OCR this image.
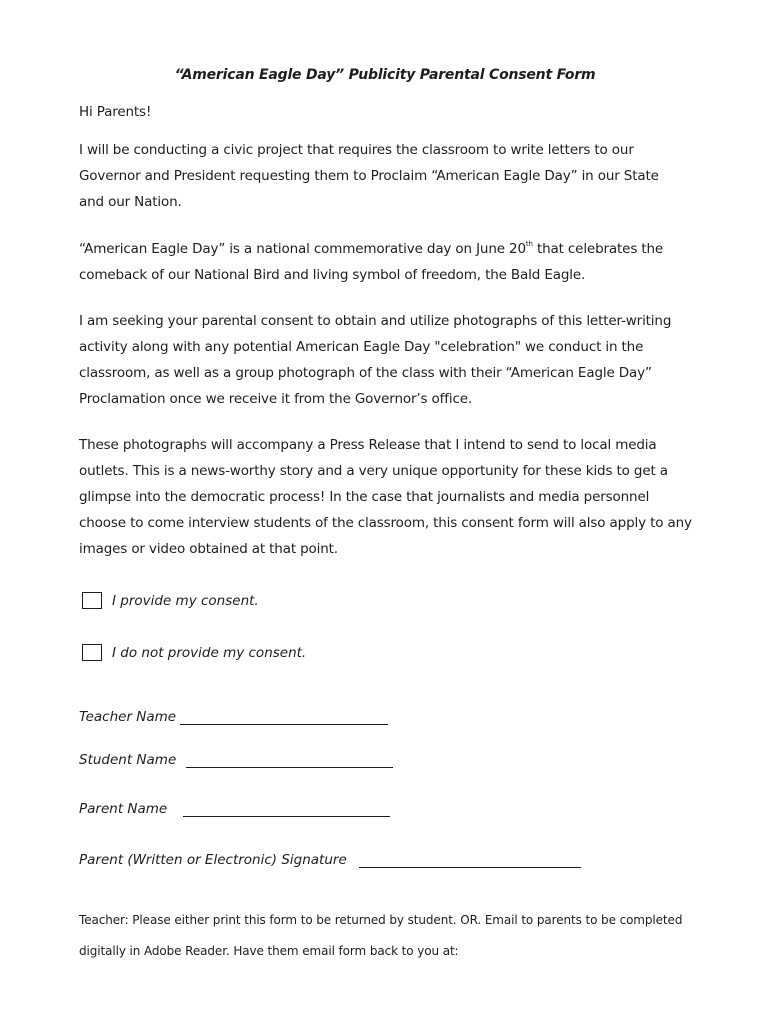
“American Eagle Day” Publicity Parental Consent Form
Hi Parents!
I will be conducting a civic project that requires the classroom to write letters to our
Governor and President requesting them to Proclaim “American Eagle Day” in our State
and our Nation.
“American Eagle Day” is a national commemorative day on June 20th that celebrates the
comeback of our National Bird and living symbol of freedom, the Bald Eagle.
I am seeking your parental consent to obtain and utilize photographs of this letter-writing
activity along with any potential American Eagle Day "celebration" we conduct in the
classroom, as well as a group photograph of the class with their “American Eagle Day”
Proclamation once we receive it from the Governor’s office.
These photographs will accompany a Press Release that I intend to send to local media
outlets. This is a news-worthy story and a very unique opportunity for these kids to get a
glimpse into the democratic process! In the case that journalists and media personnel
choose to come interview students of the classroom, this consent form will also apply to any
images or video obtained at that point.
I provide my consent.
I do not provide my consent.
Teacher Name
Student Name
Parent Name
Parent (Written or Electronic) Signature
Teacher: Please either print this form to be returned by student. OR. Email to parents to be completed
digitally in Adobe Reader. Have them email form back to you at:
